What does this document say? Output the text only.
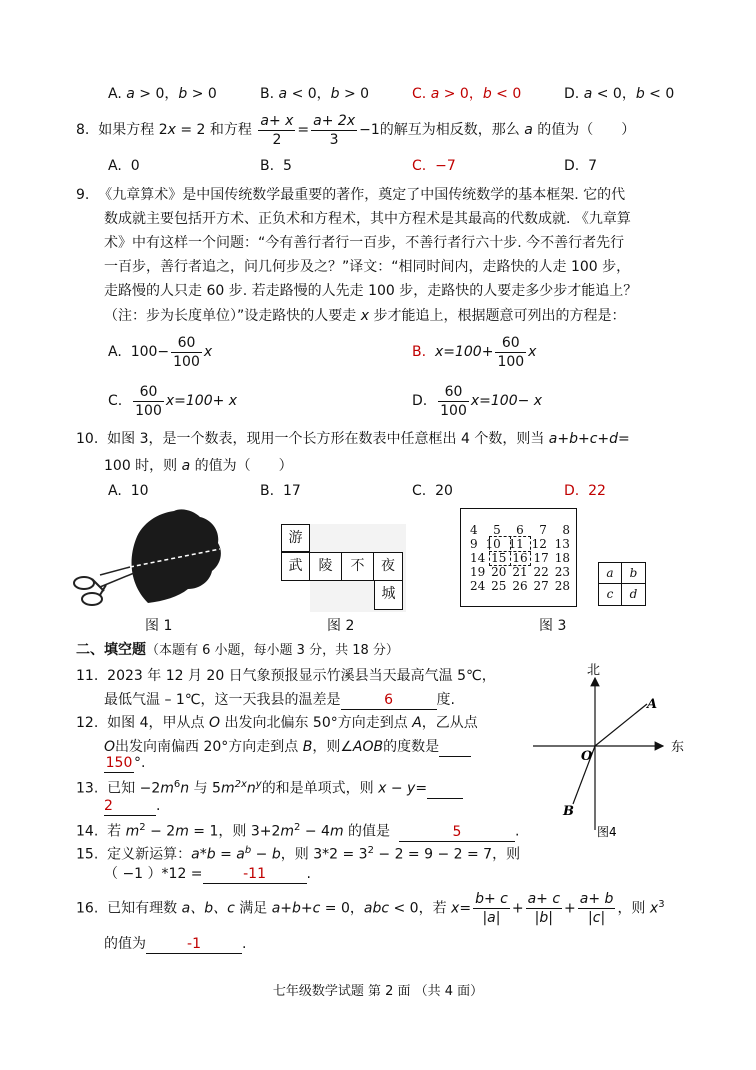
A. a > 0，b > 0	B. a < 0，b > 0	C. a > 0，b < 0	D. a < 0，b < 0
8. 如果方程 2x = 2 和方程 $\frac{a+ x}{2} = \frac{a+ 2x}{3} -1$的解互为相反数，那么 a 的值为（　　）
A. 0	B. 5	C. −7	D. 7
9. 《九章算术》是中国传统数学最重要的著作，奠定了中国传统数学的基本框架. 它的代
数成就主要包括开方术、正负术和方程术，其中方程术是其最高的代数成就. 《九章算
术》中有这样一个问题：“今有善行者行一百步，不善行者行六十步. 今不善行者先行
一百步，善行者追之，问几何步及之？”译文：“相同时间内，走路快的人走 100 步，
走路慢的人只走 60 步. 若走路慢的人先走 100 步，走路快的人要走多少步才能追上？
（注：步为长度单位）”设走路快的人要走 x 步才能追上，根据题意可列出的方程是：
A. $100- \frac{60}{100}$ x	B. $x=100+ \frac{60}{100}$ x
C. $\frac{60}{100} x=100+ x$	D. $\frac{60}{100} x=100- x$
10. 如图 3，是一个数表，现用一个长方形在数表中任意框出 4 个数，则当 a+b+c+d=
100 时，则 a 的值为（　　）
A. 10	B. 17	C. 20	D. 22
图 1
游
武	陵	不	夜
城
图 2
4 5 6 7 8
9 10 11 12 13
14 15 16 17 18
19 20 21 22 23
24 25 26 27 28
a	b
c	d
图 3
二、填空题（本题有 6 小题，每小题 3 分，共 18 分）
11. 2023 年 12 月 20 日气象预报显示竹溪县当天最高气温 5℃，
最低气温 – 1℃，这一天我县的温差是	6	度.
12. 如图 4，甲从点 O 出发向北偏东 50°方向走到点 A，乙从点
O出发向南偏西 20°方向走到点 B，则∠AOB的度数是
150 °.
13. 已知 $-2m^6n$ 与 $5m^{2x}n^y$的和是单项式，则 x − y=
2	.
14. 若 $m^2 - 2m = 1$，则 $3+2m^2 - 4m$ 的值是	5	.
15. 定义新运算：$a*b = a^b - b$，则 $3*2 = 3^2 - 2 = 9 - 2 = 7$，则
（ −1 ）*12 =	-11	.
16. 已知有理数 a、b、c 满足 a+b+c = 0，abc < 0，若 $x= \frac{b+ c}{|a|} + \frac{a+ c}{|b|} + \frac{a+ b}{|c|}$ ，则 $x^3$
的值为	-1	.
北
东
A
O
B
图4
七年级数学试题 第 2 面 （共 4 面）
